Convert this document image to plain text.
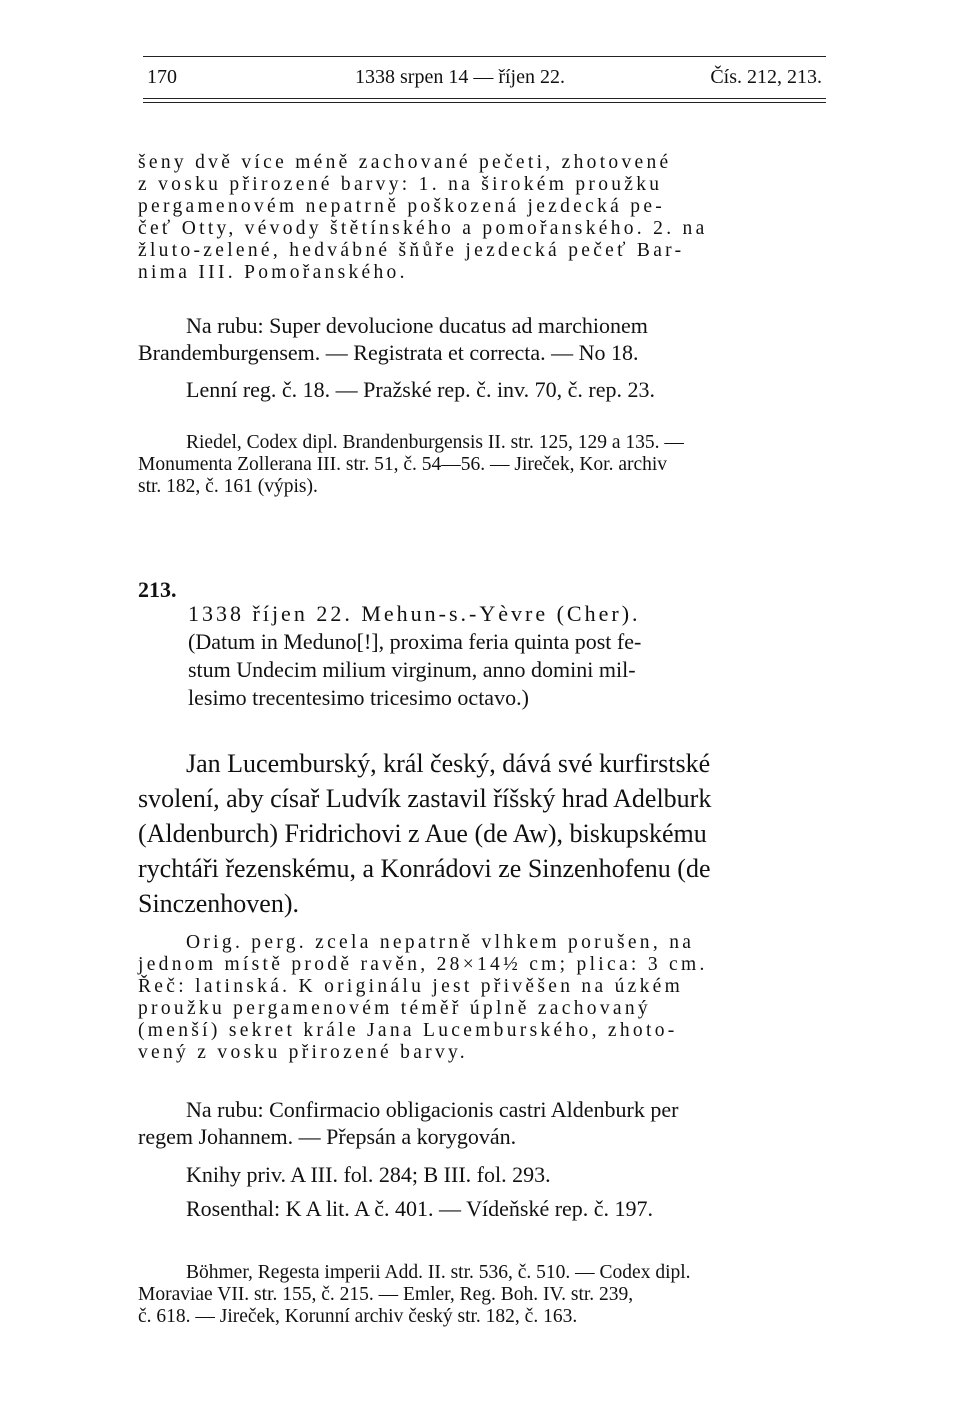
170	1338 srpen 14 — říjen 22.	Čís. 212, 213.
šeny dvě více méně zachované pečeti, zhotovené
z vosku přirozené barvy: 1. na širokém proužku
pergamenovém nepatrně poškozená jezdecká pe-
čeť Otty, vévody štětínského a pomořanského. 2. na
žluto-zelené, hedvábné šňůře jezdecká pečeť Bar-
nima III. Pomořanského.
Na rubu: Super devolucione ducatus ad marchionem
Brandemburgensem. — Registrata et correcta. — No 18.
Lenní reg. č. 18. — Pražské rep. č. inv. 70, č. rep. 23.
Riedel, Codex dipl. Brandenburgensis II. str. 125, 129 a 135. —
Monumenta Zollerana III. str. 51, č. 54—56. — Jireček, Kor. archiv
str. 182, č. 161 (výpis).
213.
1338 říjen 22. Mehun-s.-Yèvre (Cher).
(Datum in Meduno[!], proxima feria quinta post fe-
stum Undecim milium virginum, anno domini mil-
lesimo trecentesimo tricesimo octavo.)
Jan Lucemburský, král český, dává své kurfirstské
svolení, aby císař Ludvík zastavil říšský hrad Adelburk
(Aldenburch) Fridrichovi z Aue (de Aw), biskupskému
rychtáři řezenskému, a Konrádovi ze Sinzenhofenu (de
Sinczenhoven).
Orig. perg. zcela nepatrně vlhkem porušen, na
jednom místě prodě ravěn, 28×14½ cm; plica: 3 cm.
Řeč: latinská. K originálu jest přivěšen na úzkém
proužku pergamenovém téměř úplně zachovaný
(menší) sekret krále Jana Lucemburského, zhoto-
vený z vosku přirozené barvy.
Na rubu: Confirmacio obligacionis castri Aldenburk per
regem Johannem. — Přepsán a korygován.
Knihy priv. A III. fol. 284; B III. fol. 293.
Rosenthal: K A lit. A č. 401. — Vídeňské rep. č. 197.
Böhmer, Regesta imperii Add. II. str. 536, č. 510. — Codex dipl.
Moraviae VII. str. 155, č. 215. — Emler, Reg. Boh. IV. str. 239,
č. 618. — Jireček, Korunní archiv český str. 182, č. 163.
